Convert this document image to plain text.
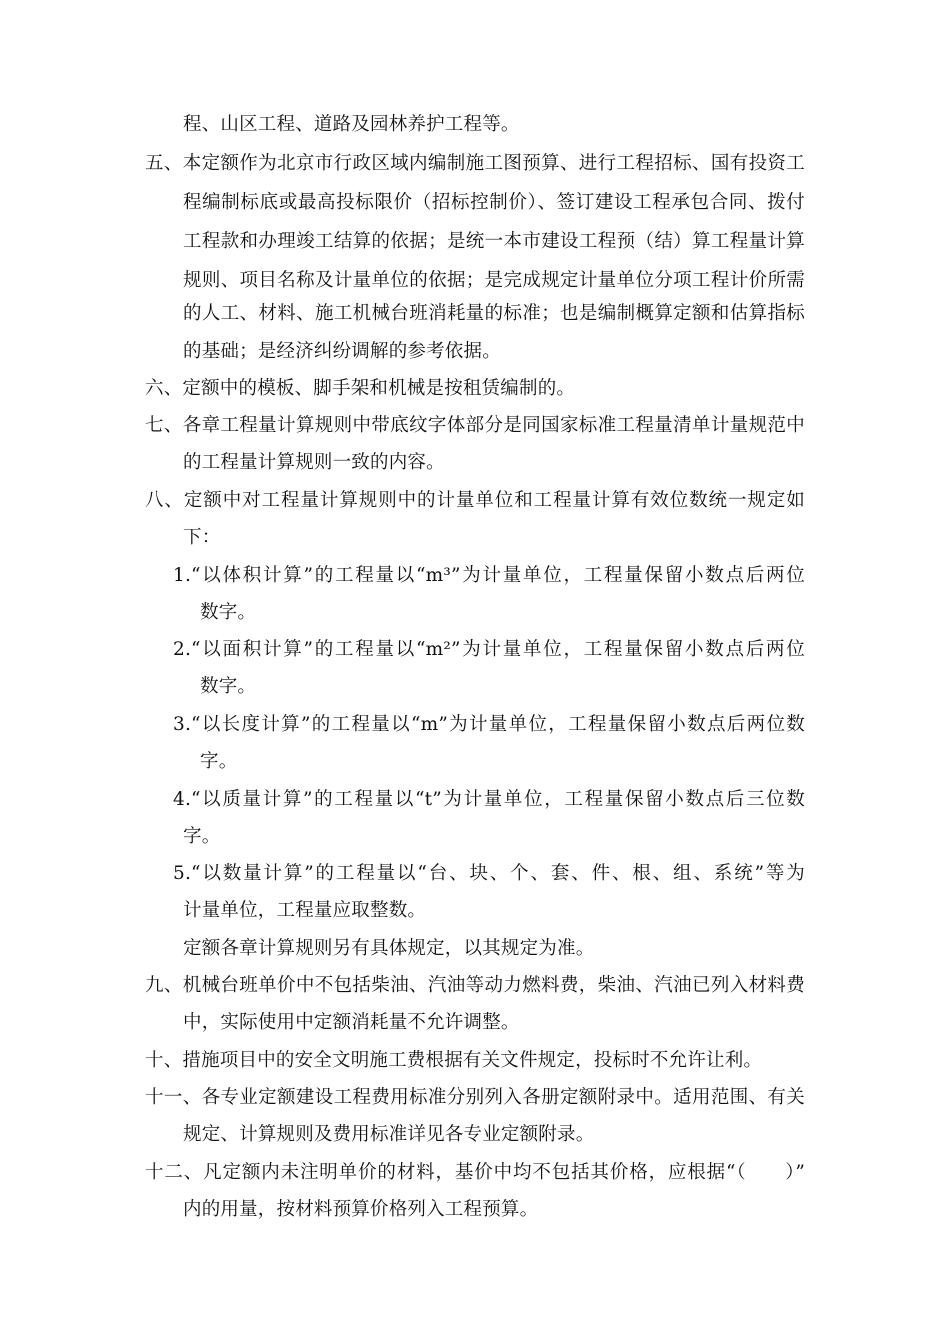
程、山区工程、道路及园林养护工程等。
五、本定额作为北京市行政区域内编制施工图预算、进行工程招标、国有投资工
程编制标底或最高投标限价（招标控制价）、签订建设工程承包合同、拨付
工程款和办理竣工结算的依据；是统一本市建设工程预（结）算工程量计算
规则、项目名称及计量单位的依据；是完成规定计量单位分项工程计价所需
的人工、材料、施工机械台班消耗量的标准；也是编制概算定额和估算指标
的基础；是经济纠纷调解的参考依据。
六、定额中的模板、脚手架和机械是按租赁编制的。
七、各章工程量计算规则中带底纹字体部分是同国家标准工程量清单计量规范中
的工程量计算规则一致的内容。
八、定额中对工程量计算规则中的计量单位和工程量计算有效位数统一规定如
下：
1.“以体积计算”的工程量以“m³”为计量单位，工程量保留小数点后两位
数字。
2.“以面积计算”的工程量以“m²”为计量单位，工程量保留小数点后两位
数字。
3.“以长度计算”的工程量以“m”为计量单位，工程量保留小数点后两位数
字。
4.“以质量计算”的工程量以“t”为计量单位，工程量保留小数点后三位数
字。
5.“以数量计算”的工程量以“台、块、个、套、件、根、组、系统”等为
计量单位，工程量应取整数。
定额各章计算规则另有具体规定，以其规定为准。
九、机械台班单价中不包括柴油、汽油等动力燃料费，柴油、汽油已列入材料费
中，实际使用中定额消耗量不允许调整。
十、措施项目中的安全文明施工费根据有关文件规定，投标时不允许让利。
十一、各专业定额建设工程费用标准分别列入各册定额附录中。适用范围、有关
规定、计算规则及费用标准详见各专业定额附录。
十二、凡定额内未注明单价的材料，基价中均不包括其价格，应根据“（　　）”
内的用量，按材料预算价格列入工程预算。
